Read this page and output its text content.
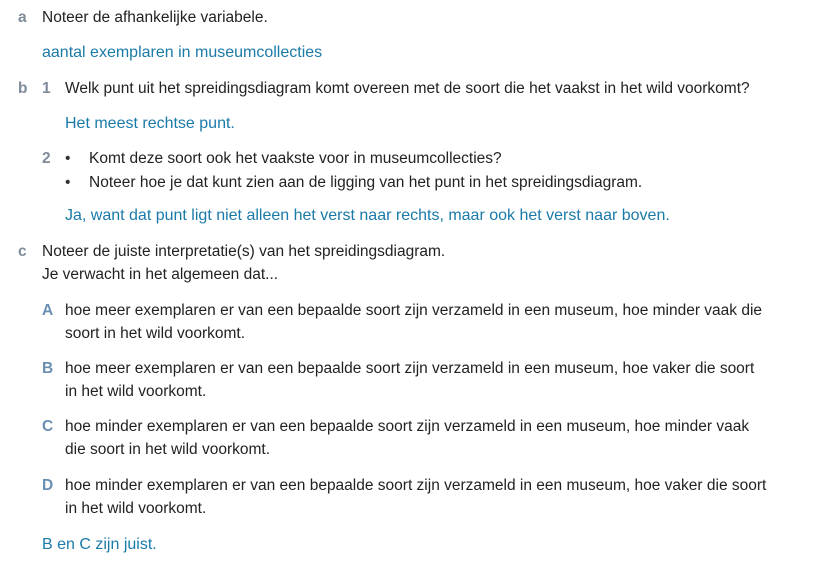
a Noteer de afhankelijke variabele.
aantal exemplaren in museumcollecties
b 1 Welk punt uit het spreidingsdiagram komt overeen met de soort die het vaakst in het wild voorkomt?
Het meest rechtse punt.
2 • Komt deze soort ook het vaakste voor in museumcollecties?
• Noteer hoe je dat kunt zien aan de ligging van het punt in het spreidingsdiagram.
Ja, want dat punt ligt niet alleen het verst naar rechts, maar ook het verst naar boven.
c Noteer de juiste interpretatie(s) van het spreidingsdiagram.
Je verwacht in het algemeen dat...
A hoe meer exemplaren er van een bepaalde soort zijn verzameld in een museum, hoe minder vaak die
soort in het wild voorkomt.
B hoe meer exemplaren er van een bepaalde soort zijn verzameld in een museum, hoe vaker die soort
in het wild voorkomt.
C hoe minder exemplaren er van een bepaalde soort zijn verzameld in een museum, hoe minder vaak
die soort in het wild voorkomt.
D hoe minder exemplaren er van een bepaalde soort zijn verzameld in een museum, hoe vaker die soort
in het wild voorkomt.
B en C zijn juist.
